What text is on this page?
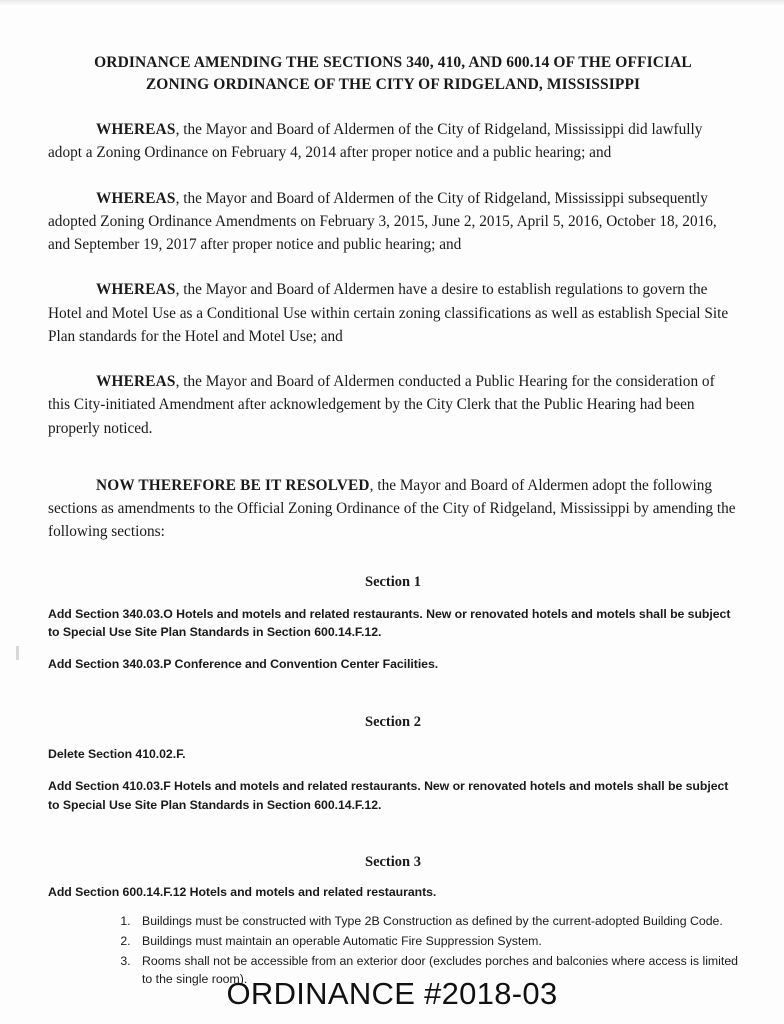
ORDINANCE AMENDING THE SECTIONS 340, 410, AND 600.14 OF THE OFFICIAL ZONING ORDINANCE OF THE CITY OF RIDGELAND, MISSISSIPPI

WHEREAS, the Mayor and Board of Aldermen of the City of Ridgeland, Mississippi did lawfully adopt a Zoning Ordinance on February 4, 2014 after proper notice and a public hearing; and

WHEREAS, the Mayor and Board of Aldermen of the City of Ridgeland, Mississippi subsequently adopted Zoning Ordinance Amendments on February 3, 2015, June 2, 2015, April 5, 2016, October 18, 2016, and September 19, 2017 after proper notice and public hearing; and

WHEREAS, the Mayor and Board of Aldermen have a desire to establish regulations to govern the Hotel and Motel Use as a Conditional Use within certain zoning classifications as well as establish Special Site Plan standards for the Hotel and Motel Use; and

WHEREAS, the Mayor and Board of Aldermen conducted a Public Hearing for the consideration of this City-initiated Amendment after acknowledgement by the City Clerk that the Public Hearing had been properly noticed.

NOW THEREFORE BE IT RESOLVED, the Mayor and Board of Aldermen adopt the following sections as amendments to the Official Zoning Ordinance of the City of Ridgeland, Mississippi by amending the following sections:

Section 1
Add Section 340.03.O Hotels and motels and related restaurants. New or renovated hotels and motels shall be subject to Special Use Site Plan Standards in Section 600.14.F.12.
Add Section 340.03.P Conference and Convention Center Facilities.
Section 2
Delete Section 410.02.F.
Add Section 410.03.F Hotels and motels and related restaurants. New or renovated hotels and motels shall be subject to Special Use Site Plan Standards in Section 600.14.F.12.
Section 3
Add Section 600.14.F.12 Hotels and motels and related restaurants.
1. Buildings must be constructed with Type 2B Construction as defined by the current-adopted Building Code.
2. Buildings must maintain an operable Automatic Fire Suppression System.
3. Rooms shall not be accessible from an exterior door (excludes porches and balconies where access is limited to the single room).
ORDINANCE #2018-03
